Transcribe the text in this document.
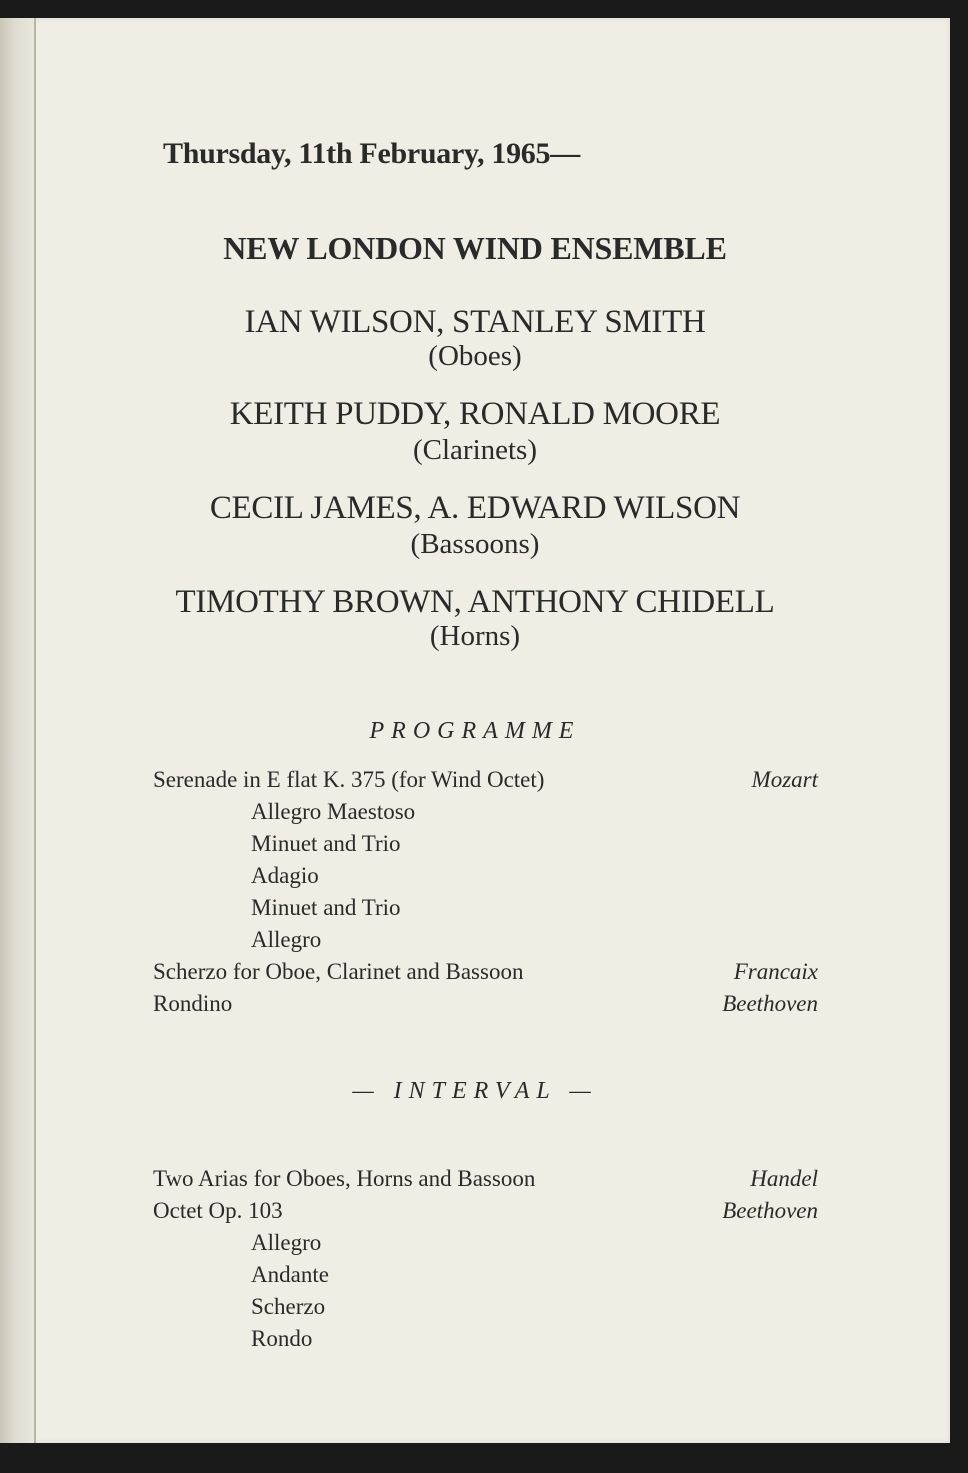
Thursday, 11th February, 1965—
NEW LONDON WIND ENSEMBLE
IAN WILSON, STANLEY SMITH
(Oboes)
KEITH PUDDY, RONALD MOORE
(Clarinets)
CECIL JAMES, A. EDWARD WILSON
(Bassoons)
TIMOTHY BROWN, ANTHONY CHIDELL
(Horns)
PROGRAMME
Serenade in E flat K. 375 (for Wind Octet)	Mozart
Allegro Maestoso
Minuet and Trio
Adagio
Minuet and Trio
Allegro
Scherzo for Oboe, Clarinet and Bassoon	Francaix
Rondino	Beethoven
— INTERVAL —
Two Arias for Oboes, Horns and Bassoon	Handel
Octet Op. 103	Beethoven
Allegro
Andante
Scherzo
Rondo
